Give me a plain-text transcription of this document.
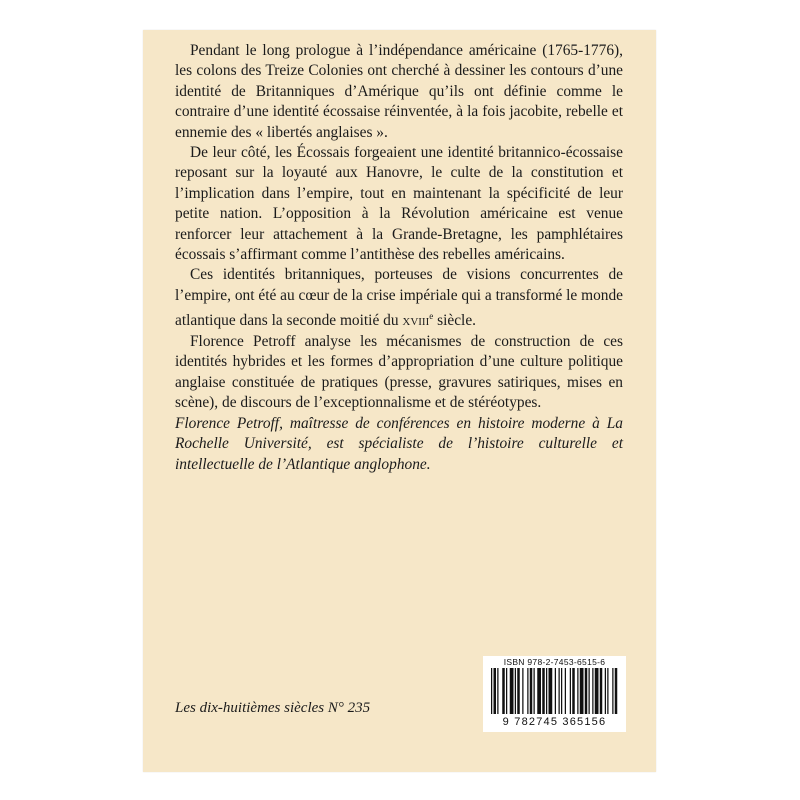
Pendant le long prologue à l’indépendance américaine (1765-1776), les colons des Treize Colonies ont cherché à dessiner les contours d’une identité de Britanniques d’Amérique qu’ils ont définie comme le contraire d’une identité écossaise réinventée, à la fois jacobite, rebelle et ennemie des « libertés anglaises ».

De leur côté, les Écossais forgeaient une identité britannico-écossaise reposant sur la loyauté aux Hanovre, le culte de la constitution et l’implication dans l’empire, tout en maintenant la spécificité de leur petite nation. L’opposition à la Révolution américaine est venue renforcer leur attachement à la Grande-Bretagne, les pamphlétaires écossais s’affirmant comme l’antithèse des rebelles américains.

Ces identités britanniques, porteuses de visions concurrentes de l’empire, ont été au cœur de la crise impériale qui a transformé le monde atlantique dans la seconde moitié du xviii$^e$ siècle.

Florence Petroff analyse les mécanismes de construction de ces identités hybrides et les formes d’appropriation d’une culture politique anglaise constituée de pratiques (presse, gravures satiriques, mises en scène), de discours de l’exceptionnalisme et de stéréotypes.

Florence Petroff, maîtresse de conférences en histoire moderne à La Rochelle Université, est spécialiste de l’histoire culturelle et intellectuelle de l’Atlantique anglophone.

Les dix-huitièmes siècles N° 235
ISBN 978-2-7453-6515-6
9 782745 365156
